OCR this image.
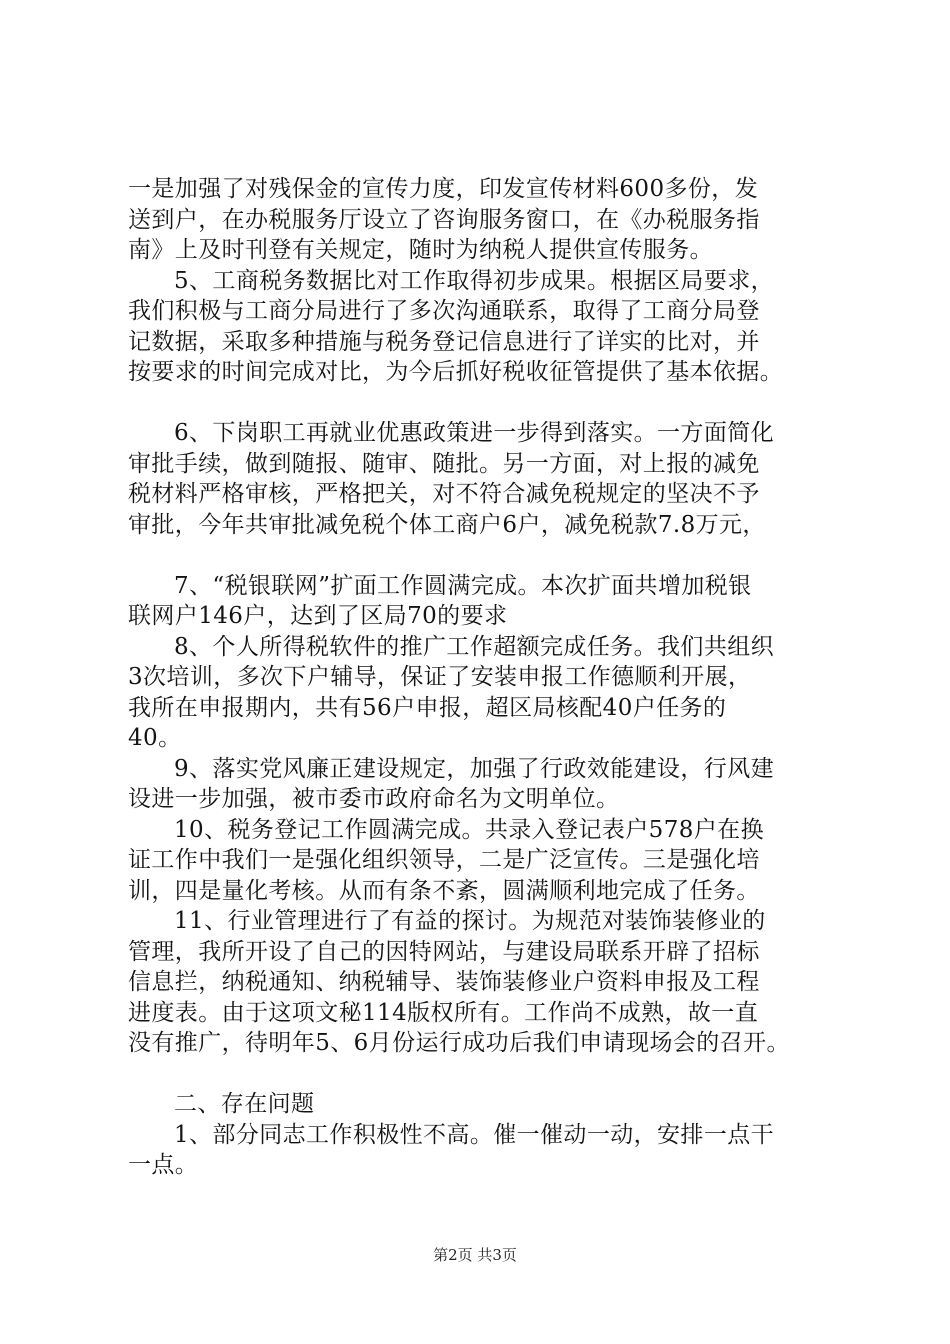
一是加强了对残保金的宣传力度，印发宣传材料600多份，发
送到户，在办税服务厅设立了咨询服务窗口，在《办税服务指
南》上及时刊登有关规定，随时为纳税人提供宣传服务。
5、工商税务数据比对工作取得初步成果。根据区局要求，
我们积极与工商分局进行了多次沟通联系，取得了工商分局登
记数据，采取多种措施与税务登记信息进行了详实的比对，并
按要求的时间完成对比，为今后抓好税收征管提供了基本依据。
6、下岗职工再就业优惠政策进一步得到落实。一方面简化
审批手续，做到随报、随审、随批。另一方面，对上报的减免
税材料严格审核，严格把关，对不符合减免税规定的坚决不予
审批，今年共审批减免税个体工商户6户，减免税款7.8万元，
7、“税银联网”扩面工作圆满完成。本次扩面共增加税银
联网户146户，达到了区局70的要求
8、个人所得税软件的推广工作超额完成任务。我们共组织
3次培训，多次下户辅导，保证了安装申报工作德顺利开展，
我所在申报期内，共有56户申报，超区局核配40户任务的
40。
9、落实党风廉正建设规定，加强了行政效能建设，行风建
设进一步加强，被市委市政府命名为文明单位。
10、税务登记工作圆满完成。共录入登记表户578户在换
证工作中我们一是强化组织领导，二是广泛宣传。三是强化培
训，四是量化考核。从而有条不紊，圆满顺利地完成了任务。
11、行业管理进行了有益的探讨。为规范对装饰装修业的
管理，我所开设了自己的因特网站，与建设局联系开辟了招标
信息拦，纳税通知、纳税辅导、装饰装修业户资料申报及工程
进度表。由于这项文秘114版权所有。工作尚不成熟，故一直
没有推广，待明年5、6月份运行成功后我们申请现场会的召开。
二、存在问题
1、部分同志工作积极性不高。催一催动一动，安排一点干
一点。
第2页 共3页
